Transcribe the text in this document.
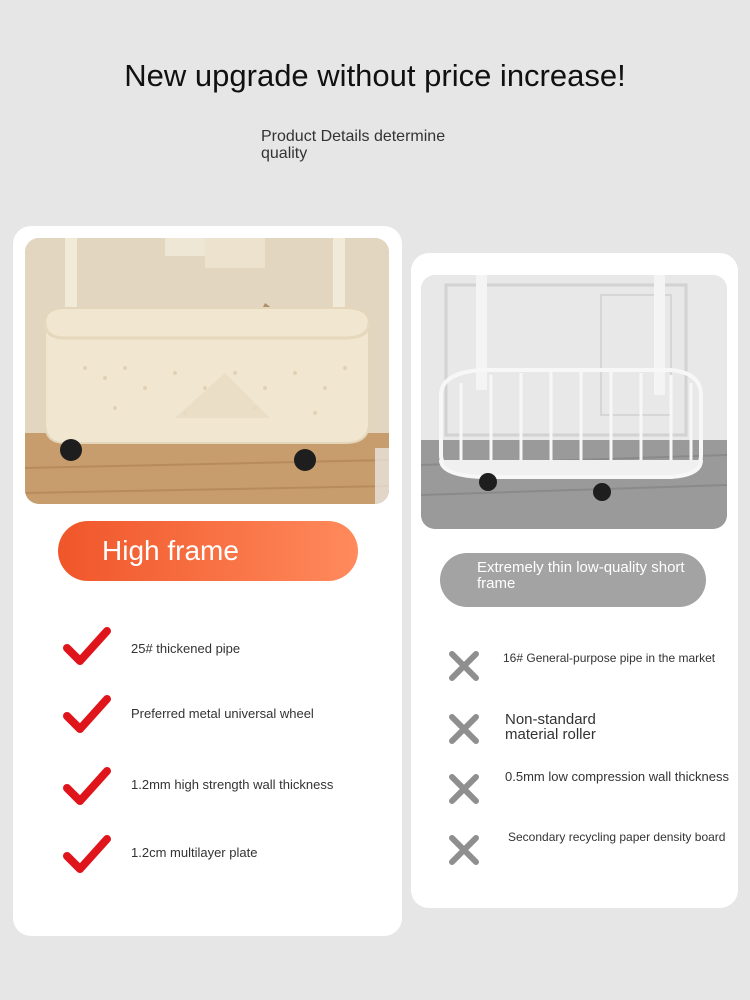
New upgrade without price increase!
Product Details determine quality
High frame
25# thickened pipe
Preferred metal universal wheel
1.2mm high strength wall thickness
1.2cm multilayer plate
Extremely thin low-quality short frame
16# General-purpose pipe in the market
Non-standard material roller
0.5mm low compression wall thickness
Secondary recycling paper density board
